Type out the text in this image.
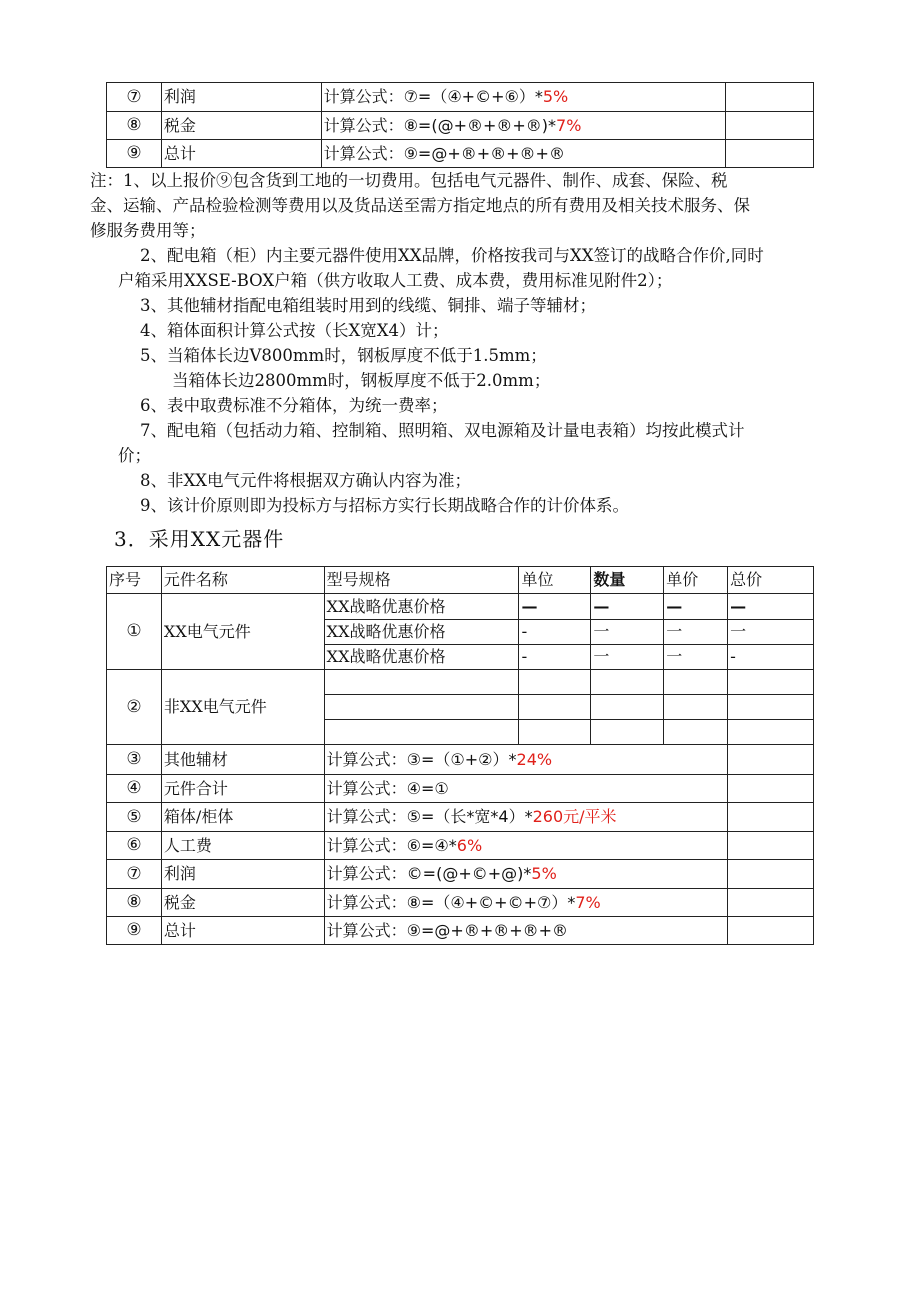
⑦	利润	计算公式：⑦=（④+©+⑥）*5%	
⑧	税金	计算公式：⑧=(@+®+®+®)*7%	
⑨	总计	计算公式：⑨=@+®+®+®+®	

注：1、以上报价⑨包含货到工地的一切费用。包括电气元器件、制作、成套、保险、税

金、运输、产品检验检测等费用以及货品送至需方指定地点的所有费用及相关技术服务、保

修服务费用等；

2、配电箱（柜）内主要元器件使用XX品牌，价格按我司与XX签订的战略合作价,同时

户箱采用XXSE-BOX户箱（供方收取人工费、成本费，费用标准见附件2）；

3、其他辅材指配电箱组装时用到的线缆、铜排、端子等辅材；

4、箱体面积计算公式按（长X宽X4）计；

5、当箱体长边V800mm时，钢板厚度不低于1.5mm；

当箱体长边2800mm时，钢板厚度不低于2.0mm；

6、表中取费标准不分箱体，为统一费率；

7、配电箱（包括动力箱、控制箱、照明箱、双电源箱及计量电表箱）均按此模式计

价；

8、非XX电气元件将根据双方确认内容为准；

9、该计价原则即为投标方与招标方实行长期战略合作的计价体系。

3．采用XX元器件
序号	元件名称	型号规格	单位	数量	单价	总价
①	XX电气元件	XX战略优惠价格	—	—	—	—
		XX战略优惠价格	-	一	一	一
		XX战略优惠价格	-	一	一	-
②	非XX电气元件					

③	其他辅材	计算公式：③=（①+②）*24%				
④	元件合计	计算公式：④=①				
⑤	箱体/柜体	计算公式：⑤=（长*宽*4）*260元/平米				
⑥	人工费	计算公式：⑥=④*6%				
⑦	利润	计算公式：©=(@+©+@)*5%				
⑧	税金	计算公式：⑧=（④+©+©+⑦）*7%				
⑨	总计	计算公式：⑨=@+®+®+®+®				
